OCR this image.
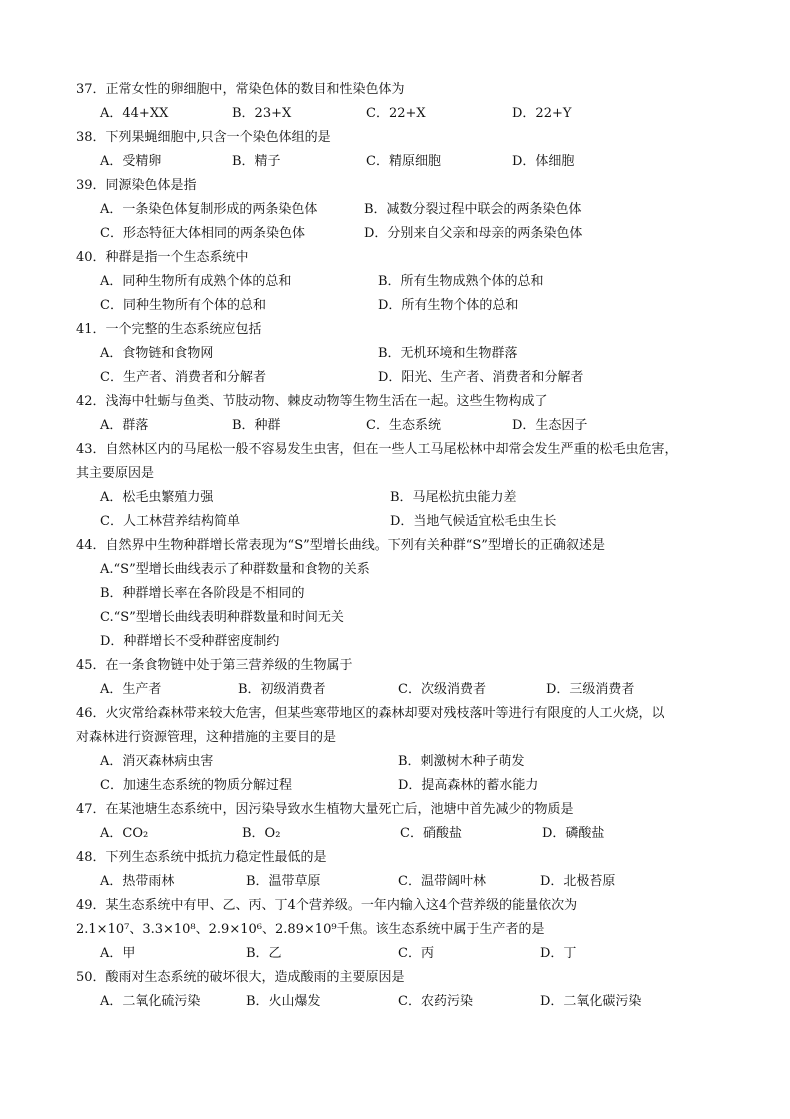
37．正常女性的卵细胞中，常染色体的数目和性染色体为
A．44+XX	B．23+X	C．22+X	D．22+Y
38．下列果蝇细胞中,只含一个染色体组的是
A．受精卵	B．精子	C．精原细胞	D．体细胞
39．同源染色体是指
A．一条染色体复制形成的两条染色体	B．减数分裂过程中联会的两条染色体
C．形态特征大体相同的两条染色体	D．分别来自父亲和母亲的两条染色体
40．种群是指一个生态系统中
A．同种生物所有成熟个体的总和	B．所有生物成熟个体的总和
C．同种生物所有个体的总和	D．所有生物个体的总和
41．一个完整的生态系统应包括
A．食物链和食物网	B．无机环境和生物群落
C．生产者、消费者和分解者	D．阳光、生产者、消费者和分解者
42．浅海中牡蛎与鱼类、节肢动物、棘皮动物等生物生活在一起。这些生物构成了
A．群落	B．种群	C．生态系统	D．生态因子
43．自然林区内的马尾松一般不容易发生虫害，但在一些人工马尾松林中却常会发生严重的松毛虫危害，
其主要原因是
A．松毛虫繁殖力强	B．马尾松抗虫能力差
C．人工林营养结构简单	D．当地气候适宜松毛虫生长
44．自然界中生物种群增长常表现为“S”型增长曲线。下列有关种群“S”型增长的正确叙述是
A.“S”型增长曲线表示了种群数量和食物的关系
B．种群增长率在各阶段是不相同的
C.“S”型增长曲线表明种群数量和时间无关
D．种群增长不受种群密度制约
45．在一条食物链中处于第三营养级的生物属于
A．生产者	B．初级消费者	C．次级消费者	D．三级消费者
46．火灾常给森林带来较大危害，但某些寒带地区的森林却要对残枝落叶等进行有限度的人工火烧，以
对森林进行资源管理，这种措施的主要目的是
A．消灭森林病虫害	B．刺激树木种子萌发
C．加速生态系统的物质分解过程	D．提高森林的蓄水能力
47．在某池塘生态系统中，因污染导致水生植物大量死亡后，池塘中首先减少的物质是
A．CO₂	B．O₂	C．硝酸盐	D．磷酸盐
48．下列生态系统中抵抗力稳定性最低的是
A．热带雨林	B．温带草原	C．温带阔叶林	D．北极苔原
49．某生态系统中有甲、乙、丙、丁4个营养级。一年内输入这4个营养级的能量依次为
2.1×10⁷、3.3×10⁸、2.9×10⁶、2.89×10⁹千焦。该生态系统中属于生产者的是
A．甲	B．乙	C．丙	D．丁
50．酸雨对生态系统的破坏很大，造成酸雨的主要原因是
A．二氧化硫污染	B．火山爆发	C．农药污染	D．二氧化碳污染
